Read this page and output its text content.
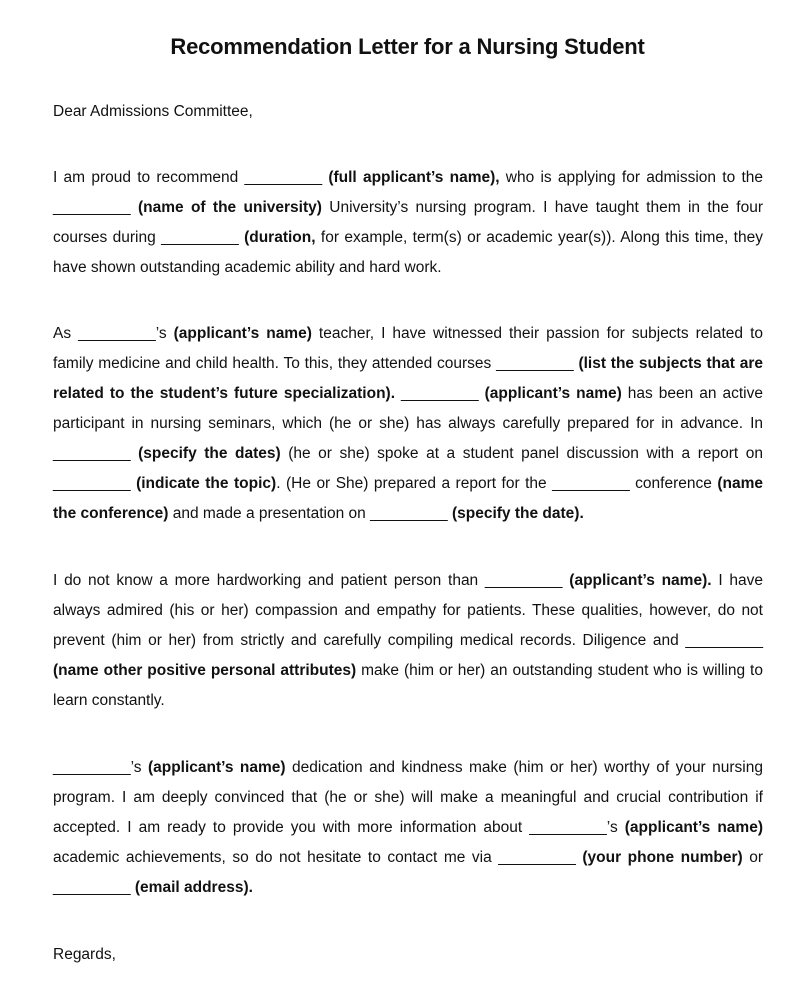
Recommendation Letter for a Nursing Student
Dear Admissions Committee,

I am proud to recommend _________ (full applicant’s name), who is applying for admission to the _________ (name of the university) University’s nursing program. I have taught them in the four courses during _________ (duration, for example, term(s) or academic year(s)). Along this time, they have shown outstanding academic ability and hard work.

As _________’s (applicant’s name) teacher, I have witnessed their passion for subjects related to family medicine and child health. To this, they attended courses _________ (list the subjects that are related to the student’s future specialization). _________ (applicant’s name) has been an active participant in nursing seminars, which (he or she) has always carefully prepared for in advance. In _________ (specify the dates) (he or she) spoke at a student panel discussion with a report on _________ (indicate the topic). (He or She) prepared a report for the _________ conference (name the conference) and made a presentation on _________ (specify the date).

I do not know a more hardworking and patient person than _________ (applicant’s name). I have always admired (his or her) compassion and empathy for patients. These qualities, however, do not prevent (him or her) from strictly and carefully compiling medical records. Diligence and _________ (name other positive personal attributes) make (him or her) an outstanding student who is willing to learn constantly.

_________’s (applicant’s name) dedication and kindness make (him or her) worthy of your nursing program. I am deeply convinced that (he or she) will make a meaningful and crucial contribution if accepted. I am ready to provide you with more information about _________’s (applicant’s name) academic achievements, so do not hesitate to contact me via _________ (your phone number) or _________ (email address).

Regards,
